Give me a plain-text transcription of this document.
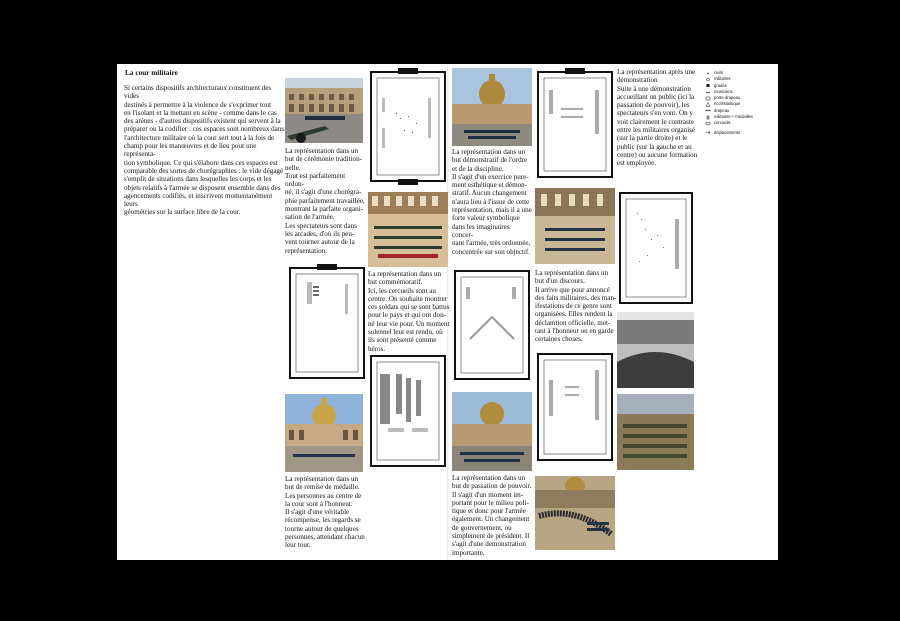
La cour militaire
Si certains dispositifs architecturaux constituent des vides
destinés à permettre à la violence de s'exprimer tout
en l'isolant et la mettant en scène - comme dans le cas
des arènes - d'autres dispositifs existent qui servent à la
préparer ou la codifier : ces espaces sont nombreux dans
l'architecture militaire où la cour sert tout à la fois de
champ pour les manœuvres et de lieu pour une représenta-
tion symbolique. Ce qui s'élabore dans ces espaces est
comparable des sortes de chorégraphies : le vide dégagé
s'emplit de situations dans lesquelles les corps et les
objets relatifs à l'armée se disposent ensemble dans des
agencements codifiés, et inscrivent momentanément leurs
géométries sur la surface libre de la cour.
La représentation dans un
but de cérémonie tradition-
nelle.
Tout est parfaitement ordon-
né, il s'agit d'une chorégra-
phie parfaitement travaillée,
montrant la parfaite organi-
sation de l'armée.
Les spectateurs sont dans
les arcades, d'où ils peu-
vent tourner autour de la
représentation.
La représentation dans un
but commémoratif.
Ici, les cercueils sont au
centre. On souhaite montrer
ces soldats qui se sont battus
pour le pays et qui ont don-
né leur vie pour. Un moment
solennel leur est rendu, où
ils sont présenté comme
héros.
La représentation dans un
but de remise de médaille.
Les personnes au centre de
la cour sont à l'honneur.
Il s'agit d'une véritable
récompense, les regards se
tourne autour de quelques
personnes, attendant chacun
leur tour.
La représentation dans un
but démonstratif de l'ordre
et de la discipline.
Il s'agit d'un exercice pure-
ment esthétique et démon-
stratif. Aucun changement
n'aura lieu à l'issue de cette
représentation, mais il a une
forte valeur symbolique
dans les imaginaires concer-
nant l'armée, très ordonnée,
concentrée sur son objectif.
La représentation dans un
but d'un discours.
Il arrive que pour annoncé
des faits militaires, des man-
ifestations de ce genre sont
organisées. Elles rendent la
déclamtion officielle, met-
tant à l'honneur ou en garde
certaines choses.
La représentation dans un
but de passation de pouvoir.
Il s'agit d'un moment im-
portant pour le milieu poli-
tique et donc pour l'armée
également. Un changement
de gouvernement, ou
simplement de président. Il
s'agit d'une demonstration
importante.
La représentation après une
démonstration
Suite à une démonstration
accueillant un public (ici la
passation de pouvoir), les
spectateurs s'en vont. On y
voit clairement le contraste
entre les militaires organisé
(sur la partie droite) et le
public (sur la gauche et au
centre) ou aucune formation
est employée.
civils
militaires
gradés
musiciens
porte-drapeau
ecclésiastique
drapeau
militaires + médailles
cercueils
déplacements
